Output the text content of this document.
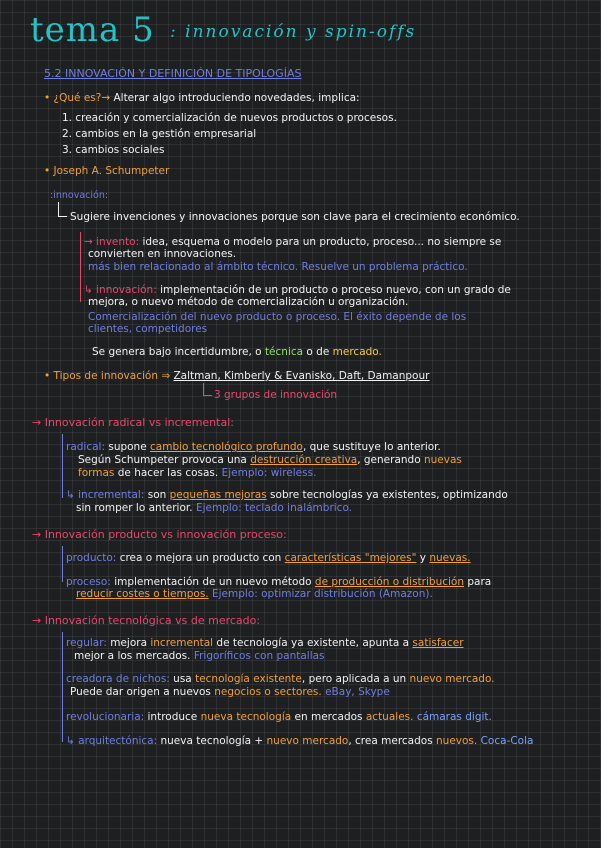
tema 5 : innovación y spin-offs
5.2 INNOVACIÓN Y DEFINICIÓN DE TIPOLOGÍAS
• ¿Qué es?→ Alterar algo introduciendo novedades, implica:
1. creación y comercialización de nuevos productos o procesos.
2. cambios en la gestión empresarial
3. cambios sociales
• Joseph A. Schumpeter
:innovación:
Sugiere invenciones y innovaciones porque son clave para el crecimiento económico.
→ invento: idea, esquema o modelo para un producto, proceso... no siempre se
convierten en innovaciones.
más bien relacionado al ámbito técnico. Resuelve un problema práctico.
↳ innovación: implementación de un producto o proceso nuevo, con un grado de
mejora, o nuevo método de comercialización u organización.
Comercialización del nuevo producto o proceso. El éxito depende de los
clientes, competidores
Se genera bajo incertidumbre, o técnica o de mercado.
• Tipos de innovación ⇒ Zaltman, Kimberly & Evanisko, Daft, Damanpour
3 grupos de innovación
→ Innovación radical vs incremental:
radical: supone cambio tecnológico profundo, que sustituye lo anterior.
Según Schumpeter provoca una destrucción creativa, generando nuevas
formas de hacer las cosas. Ejemplo: wireless.
↳ incremental: son pequeñas mejoras sobre tecnologías ya existentes, optimizando
sin romper lo anterior. Ejemplo: teclado inalámbrico.
→ Innovación producto vs innovación proceso:
producto: crea o mejora un producto con características "mejores" y nuevas.
proceso: implementación de un nuevo método de producción o distribución para
reducir costes o tiempos. Ejemplo: optimizar distribución (Amazon).
→ Innovación tecnológica vs de mercado:
regular: mejora incremental de tecnología ya existente, apunta a satisfacer
mejor a los mercados. Frigoríficos con pantallas
creadora de nichos: usa tecnología existente, pero aplicada a un nuevo mercado.
Puede dar origen a nuevos negocios o sectores. eBay, Skype
revolucionaria: introduce nueva tecnología en mercados actuales. cámaras digit.
↳ arquitectónica: nueva tecnología + nuevo mercado, crea mercados nuevos. Coca-Cola
